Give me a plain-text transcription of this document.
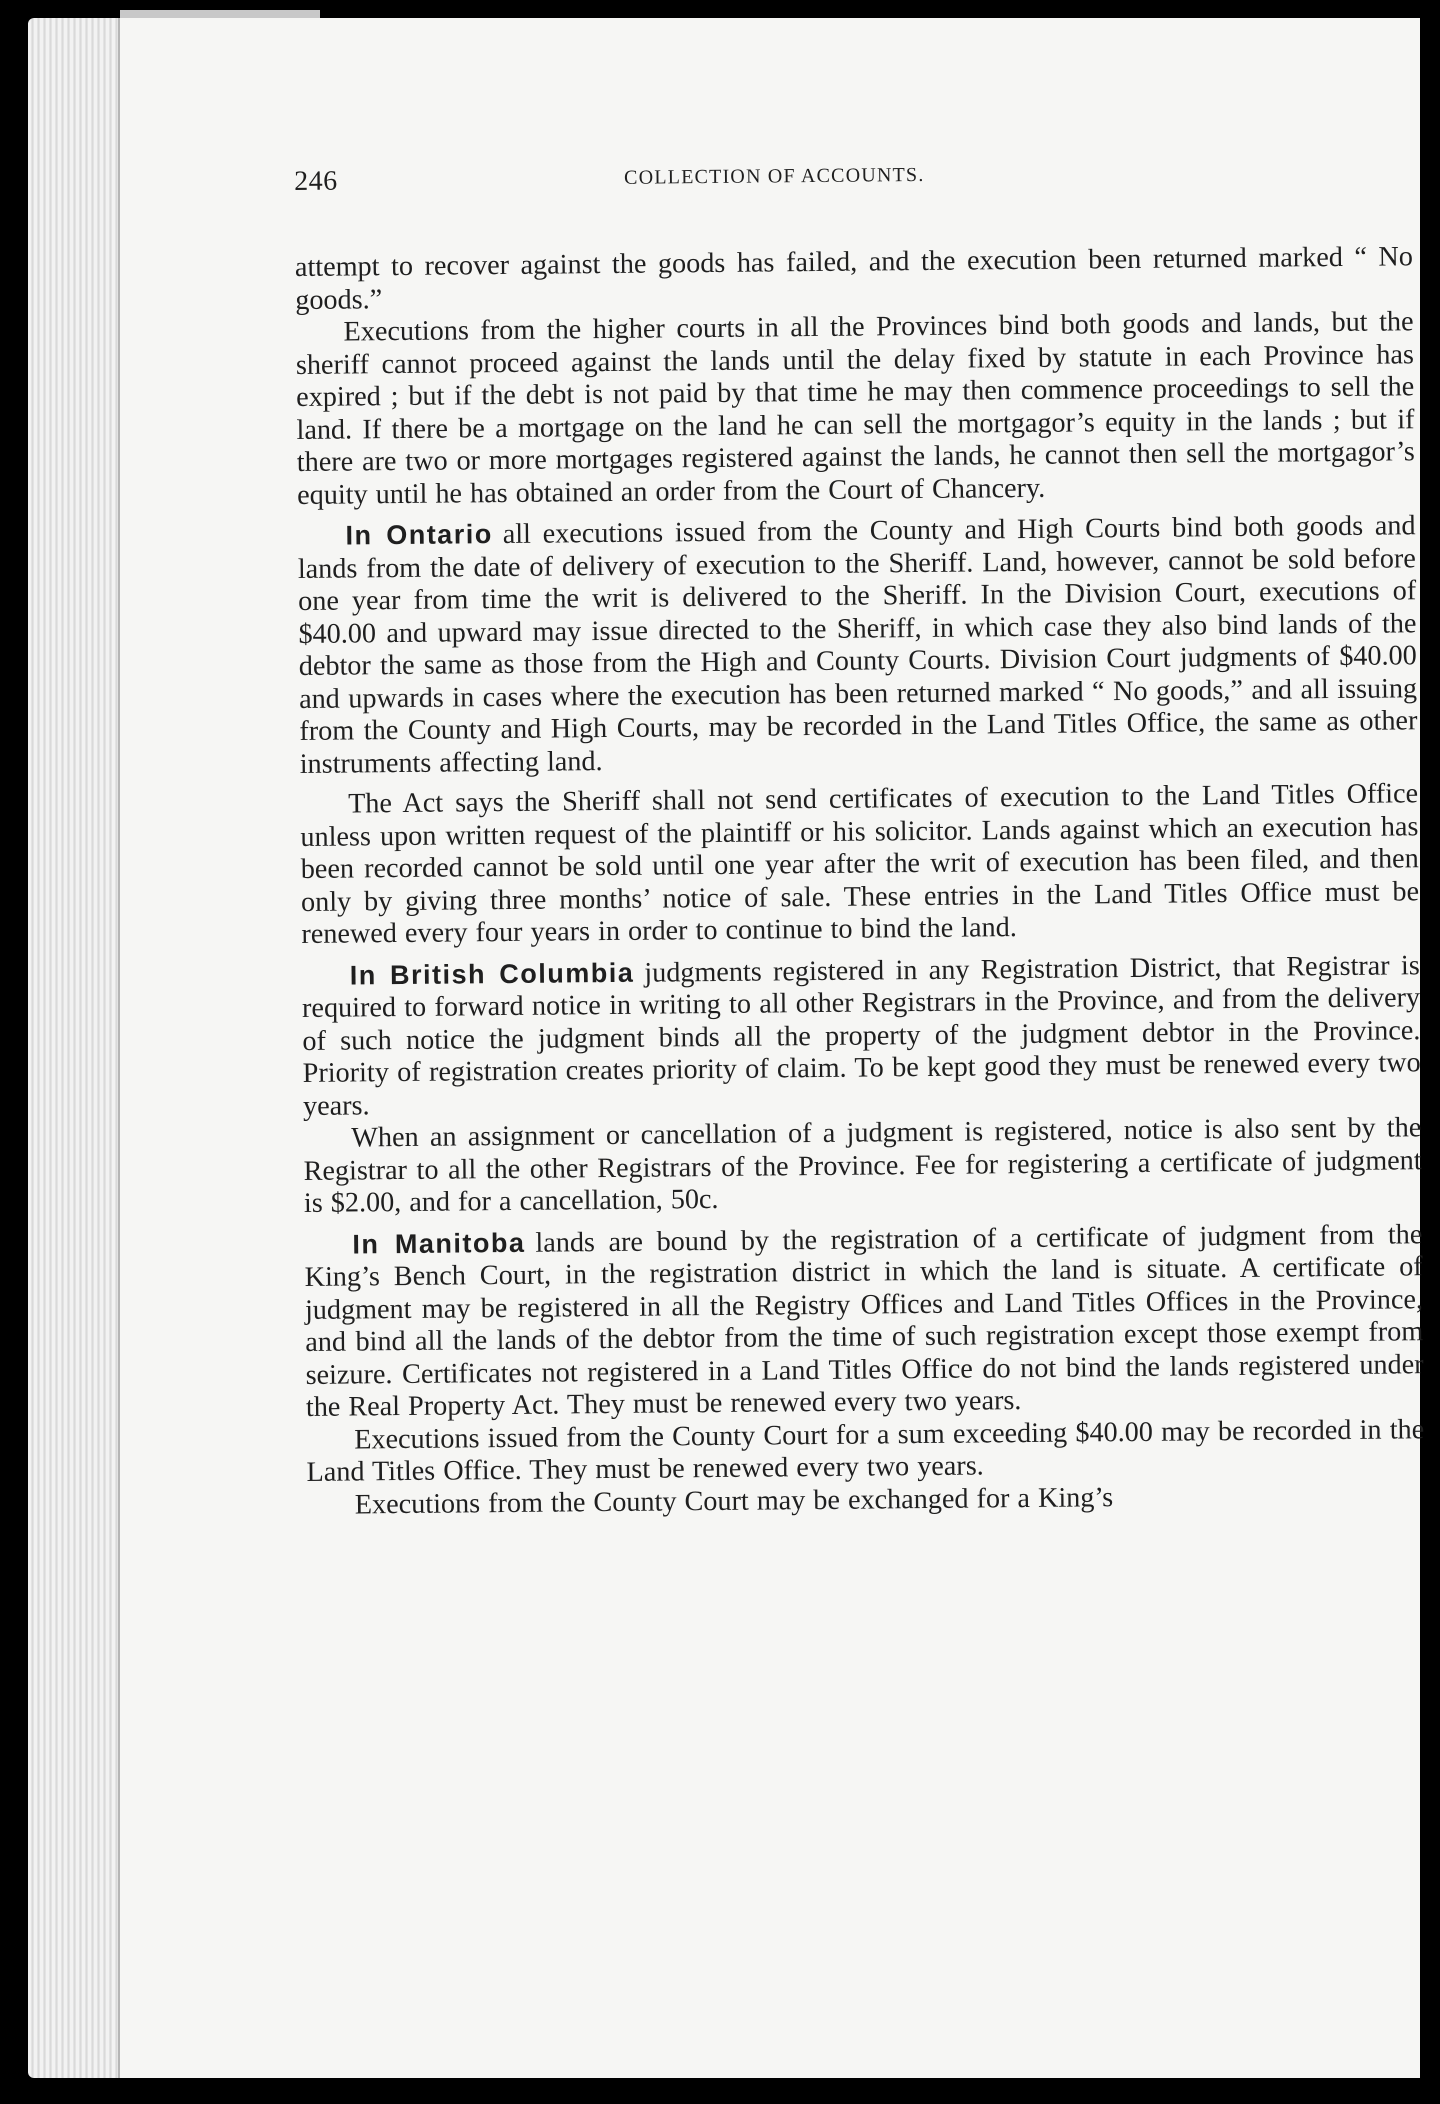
246	COLLECTION OF ACCOUNTS.

attempt to recover against the goods has failed, and the execution been returned marked “ No goods.”

Executions from the higher courts in all the Provinces bind both goods and lands, but the sheriff cannot proceed against the lands until the delay fixed by statute in each Province has expired ; but if the debt is not paid by that time he may then commence proceedings to sell the land. If there be a mortgage on the land he can sell the mortgagor’s equity in the lands ; but if there are two or more mortgages registered against the lands, he cannot then sell the mortgagor’s equity until he has obtained an order from the Court of Chancery.

In Ontario all executions issued from the County and High Courts bind both goods and lands from the date of delivery of execution to the Sheriff. Land, however, cannot be sold before one year from time the writ is delivered to the Sheriff. In the Division Court, executions of $40.00 and upward may issue directed to the Sheriff, in which case they also bind lands of the debtor the same as those from the High and County Courts. Division Court judgments of $40.00 and upwards in cases where the execution has been returned marked “ No goods,” and all issuing from the County and High Courts, may be recorded in the Land Titles Office, the same as other instruments affecting land.

The Act says the Sheriff shall not send certificates of execution to the Land Titles Office unless upon written request of the plaintiff or his solicitor. Lands against which an execution has been recorded cannot be sold until one year after the writ of execution has been filed, and then only by giving three months’ notice of sale. These entries in the Land Titles Office must be renewed every four years in order to continue to bind the land.

In British Columbia judgments registered in any Registration District, that Registrar is required to forward notice in writing to all other Registrars in the Province, and from the delivery of such notice the judgment binds all the property of the judgment debtor in the Province. Priority of registration creates priority of claim. To be kept good they must be renewed every two years.

When an assignment or cancellation of a judgment is registered, notice is also sent by the Registrar to all the other Registrars of the Province. Fee for registering a certificate of judgment is $2.00, and for a cancellation, 50c.

In Manitoba lands are bound by the registration of a certificate of judgment from the King’s Bench Court, in the registration district in which the land is situate. A certificate of judgment may be registered in all the Registry Offices and Land Titles Offices in the Province, and bind all the lands of the debtor from the time of such registration except those exempt from seizure. Certificates not registered in a Land Titles Office do not bind the lands registered under the Real Property Act. They must be renewed every two years.

Executions issued from the County Court for a sum exceeding $40.00 may be recorded in the Land Titles Office. They must be renewed every two years.

Executions from the County Court may be exchanged for a King’s
